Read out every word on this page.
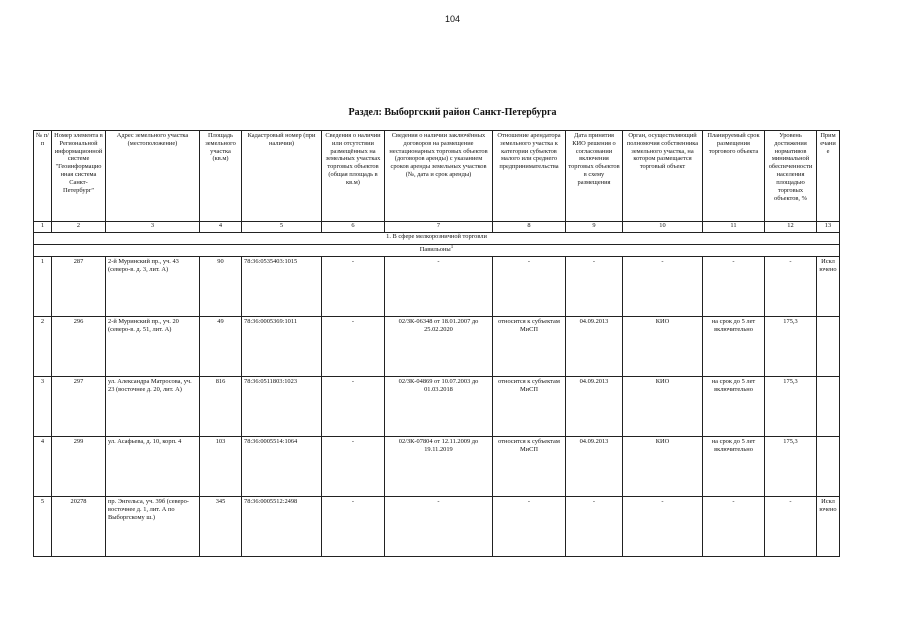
104
Раздел: Выборгский район Санкт-Петербурга
№ п/п	Номер элемента в Региональной информационной системе "Геоинформационная система Санкт-Петербург"	Адрес земельного участка (местоположение)	Площадь земельного участка (кв.м)	Кадастровый номер (при наличии)	Сведения о наличии или отсутствии размещённых на земельных участках торговых объектов (общая площадь в кв.м)	Сведения о наличии заключённых договоров на размещение нестационарных торговых объектов (договоров аренды) с указанием сроков аренды земельных участков (№, дата и срок аренды)	Отношение арендатора земельного участка к категории субъектов малого или среднего предпринимательства	Дата принятия КИО решения о согласовании включения торговых объектов в схему размещения	Орган, осуществляющий полномочия собственника земельного участка, на котором размещается торговый объект	Планируемый срок размещения торгового объекта	Уровень достижения нормативов минимальной обеспеченности населения площадью торговых объектов, %	Примечание
1	2	3	4	5	6	7	8	9	10	11	12	13
1. В сфере мелкорозничной торговли												
Павильоны$^1$
1	287	2-й Муринский пр., уч. 43 (северо-в. д. 3, лит. А)	90	78:36:0535403:1015	-	-	-	-	-	-	-	Исключено
2	296	2-й Муринский пр., уч. 20 (северо-в. д. 51, лит. А)	49	78:36:0005369:1011	-	02/ЗК-06348 от 18.01.2007 до 25.02.2020	относится к субъектам МиСП	04.09.2013	КИО	на срок до 5 лет включительно	175,3	
3	297	ул. Александра Матросова, уч. 23 (восточнее д. 20, лит. А)	816	78:36:0511803:1023	-	02/ЗК-04869 от 10.07.2003 до 01.03.2018	относится к субъектам МиСП	04.09.2013	КИО	на срок до 5 лет включительно	175,3	
4	299	ул. Асафьева, д. 10, корп. 4	103	78:36:0005514:1064	-	02/ЗК-07804 от 12.11.2009 до 19.11.2019	относится к субъектам МиСП	04.09.2013	КИО	на срок до 5 лет включительно	175,3	
5	20278	пр. Энгельса, уч. 39б (северо-восточнее д. 1, лит. А по Выборгскому ш.)	345	78:36:0005512:2498	-	-	-	-	-	-	-	Исключено
